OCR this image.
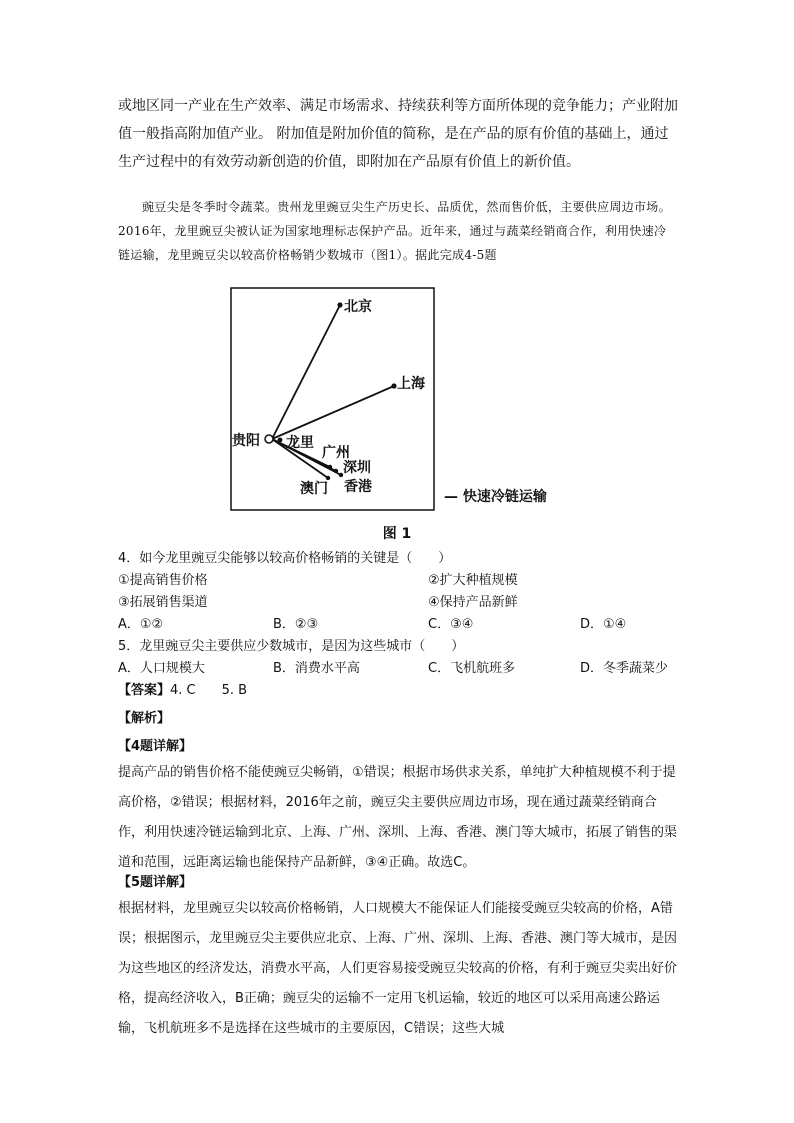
或地区同一产业在生产效率、满足市场需求、持续获利等方面所体现的竞争能力；产业附加值一般指高附加值产业。 附加值是附加价值的简称，是在产品的原有价值的基础上，通过生产过程中的有效劳动新创造的价值，即附加在产品原有价值上的新价值。

豌豆尖是冬季时令蔬菜。贵州龙里豌豆尖生产历史长、品质优，然而售价低，主要供应周边市场。2016年，龙里豌豆尖被认证为国家地理标志保护产品。近年来，通过与蔬菜经销商合作，利用快速冷链运输，龙里豌豆尖以较高价格畅销少数城市（图1）。据此完成4-5题

北京
上海
贵阳 龙里
广州
深圳
澳门 香港
— 快速冷链运输
图 1

4．如今龙里豌豆尖能够以较高价格畅销的关键是（　　）

①提高销售价格	②扩大种植规模
③拓展销售渠道	④保持产品新鲜
A．①②	B．②③	C．③④	D．①④

5．龙里豌豆尖主要供应少数城市，是因为这些城市（　　）

A．人口规模大	B．消费水平高	C．飞机航班多	D．冬季蔬菜少
【答案】4. C　　5. B
【解析】
【4题详解】

提高产品的销售价格不能使豌豆尖畅销，①错误；根据市场供求关系，单纯扩大种植规模不利于提高价格，②错误；根据材料，2016年之前，豌豆尖主要供应周边市场，现在通过蔬菜经销商合作，利用快速冷链运输到北京、上海、广州、深圳、上海、香港、澳门等大城市，拓展了销售的渠道和范围，远距离运输也能保持产品新鲜，③④正确。故选C。

【5题详解】

根据材料，龙里豌豆尖以较高价格畅销，人口规模大不能保证人们能接受豌豆尖较高的价格，A错误；根据图示，龙里豌豆尖主要供应北京、上海、广州、深圳、上海、香港、澳门等大城市，是因为这些地区的经济发达，消费水平高，人们更容易接受豌豆尖较高的价格，有利于豌豆尖卖出好价格，提高经济收入，B正确；豌豆尖的运输不一定用飞机运输，较近的地区可以采用高速公路运输，飞机航班多不是选择在这些城市的主要原因，C错误；这些大城
